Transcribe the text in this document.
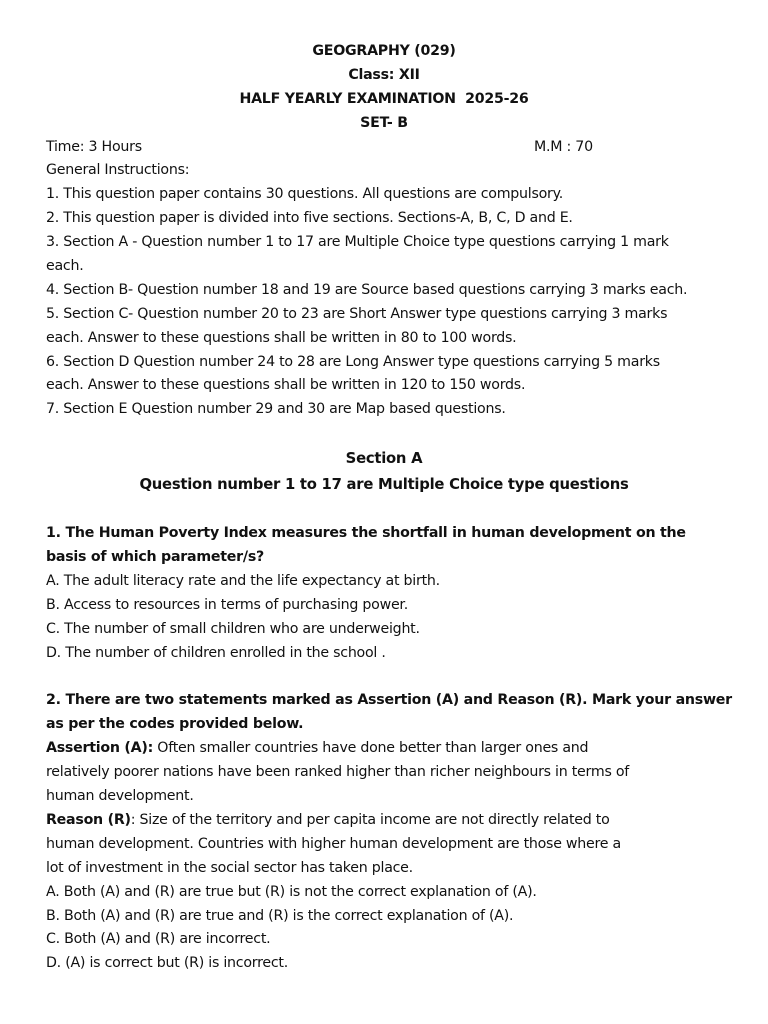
GEOGRAPHY (029)
Class: XII
HALF YEARLY EXAMINATION  2025-26
SET- B
Time: 3 Hours	M.M : 70
General Instructions:
1. This question paper contains 30 questions. All questions are compulsory.
2. This question paper is divided into five sections. Sections-A, B, C, D and E.
3. Section A - Question number 1 to 17 are Multiple Choice type questions carrying 1 mark
each.
4. Section B- Question number 18 and 19 are Source based questions carrying 3 marks each.
5. Section C- Question number 20 to 23 are Short Answer type questions carrying 3 marks
each. Answer to these questions shall be written in 80 to 100 words.
6. Section D Question number 24 to 28 are Long Answer type questions carrying 5 marks
each. Answer to these questions shall be written in 120 to 150 words.
7. Section E Question number 29 and 30 are Map based questions.
Section A
Question number 1 to 17 are Multiple Choice type questions
1. The Human Poverty Index measures the shortfall in human development on the
basis of which parameter/s?
A. The adult literacy rate and the life expectancy at birth.
B. Access to resources in terms of purchasing power.
C. The number of small children who are underweight.
D. The number of children enrolled in the school .
2. There are two statements marked as Assertion (A) and Reason (R). Mark your answer
as per the codes provided below.
Assertion (A): Often smaller countries have done better than larger ones and
relatively poorer nations have been ranked higher than richer neighbours in terms of
human development.
Reason (R): Size of the territory and per capita income are not directly related to
human development. Countries with higher human development are those where a
lot of investment in the social sector has taken place.
A. Both (A) and (R) are true but (R) is not the correct explanation of (A).
B. Both (A) and (R) are true and (R) is the correct explanation of (A).
C. Both (A) and (R) are incorrect.
D. (A) is correct but (R) is incorrect.
